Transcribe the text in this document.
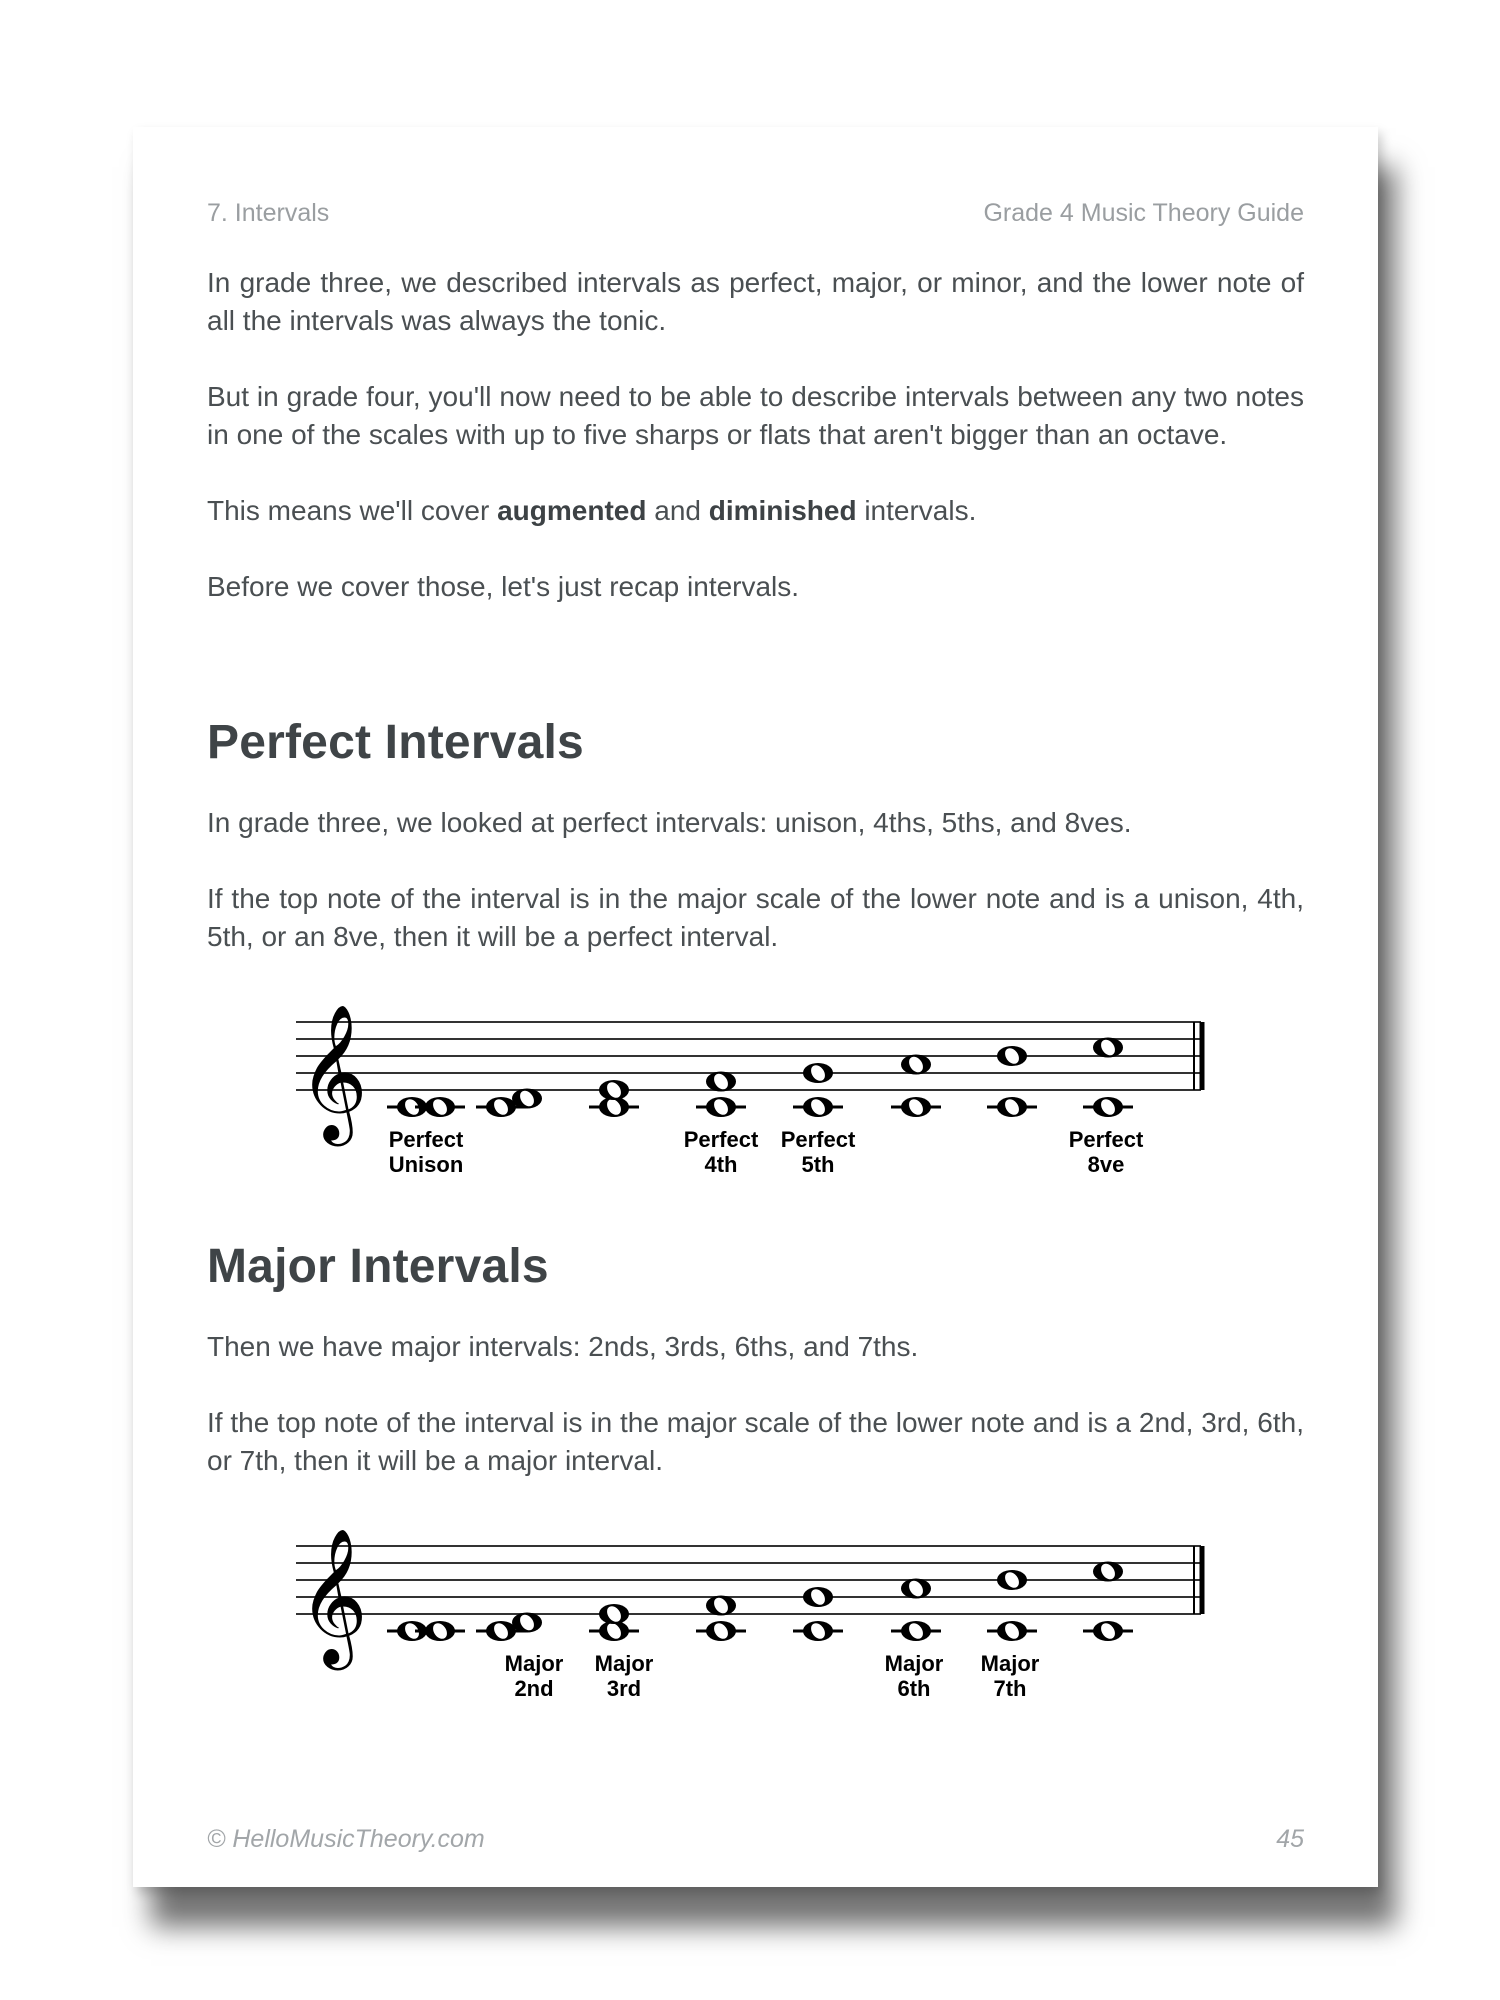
7. Intervals	Grade 4 Music Theory Guide

In grade three, we described intervals as perfect, major, or minor, and the lower note of all the intervals was always the tonic.

But in grade four, you'll now need to be able to describe intervals between any two notes in one of the scales with up to five sharps or flats that aren't bigger than an octave.

This means we'll cover augmented and diminished intervals.

Before we cover those, let's just recap intervals.

Perfect Intervals

In grade three, we looked at perfect intervals: unison, 4ths, 5ths, and 8ves.

If the top note of the interval is in the major scale of the lower note and is a unison, 4th, 5th, or an 8ve, then it will be a perfect interval.

𝄞 Perfect
Unison
Perfect
4th
Perfect
5th
Perfect
8ve
Major Intervals

Then we have major intervals: 2nds, 3rds, 6ths, and 7ths.

If the top note of the interval is in the major scale of the lower note and is a 2nd, 3rd, 6th, or 7th, then it will be a major interval.

𝄞	Major
2nd
Major
3rd
Major
6th
Major
7th
© HelloMusicTheory.com	45
